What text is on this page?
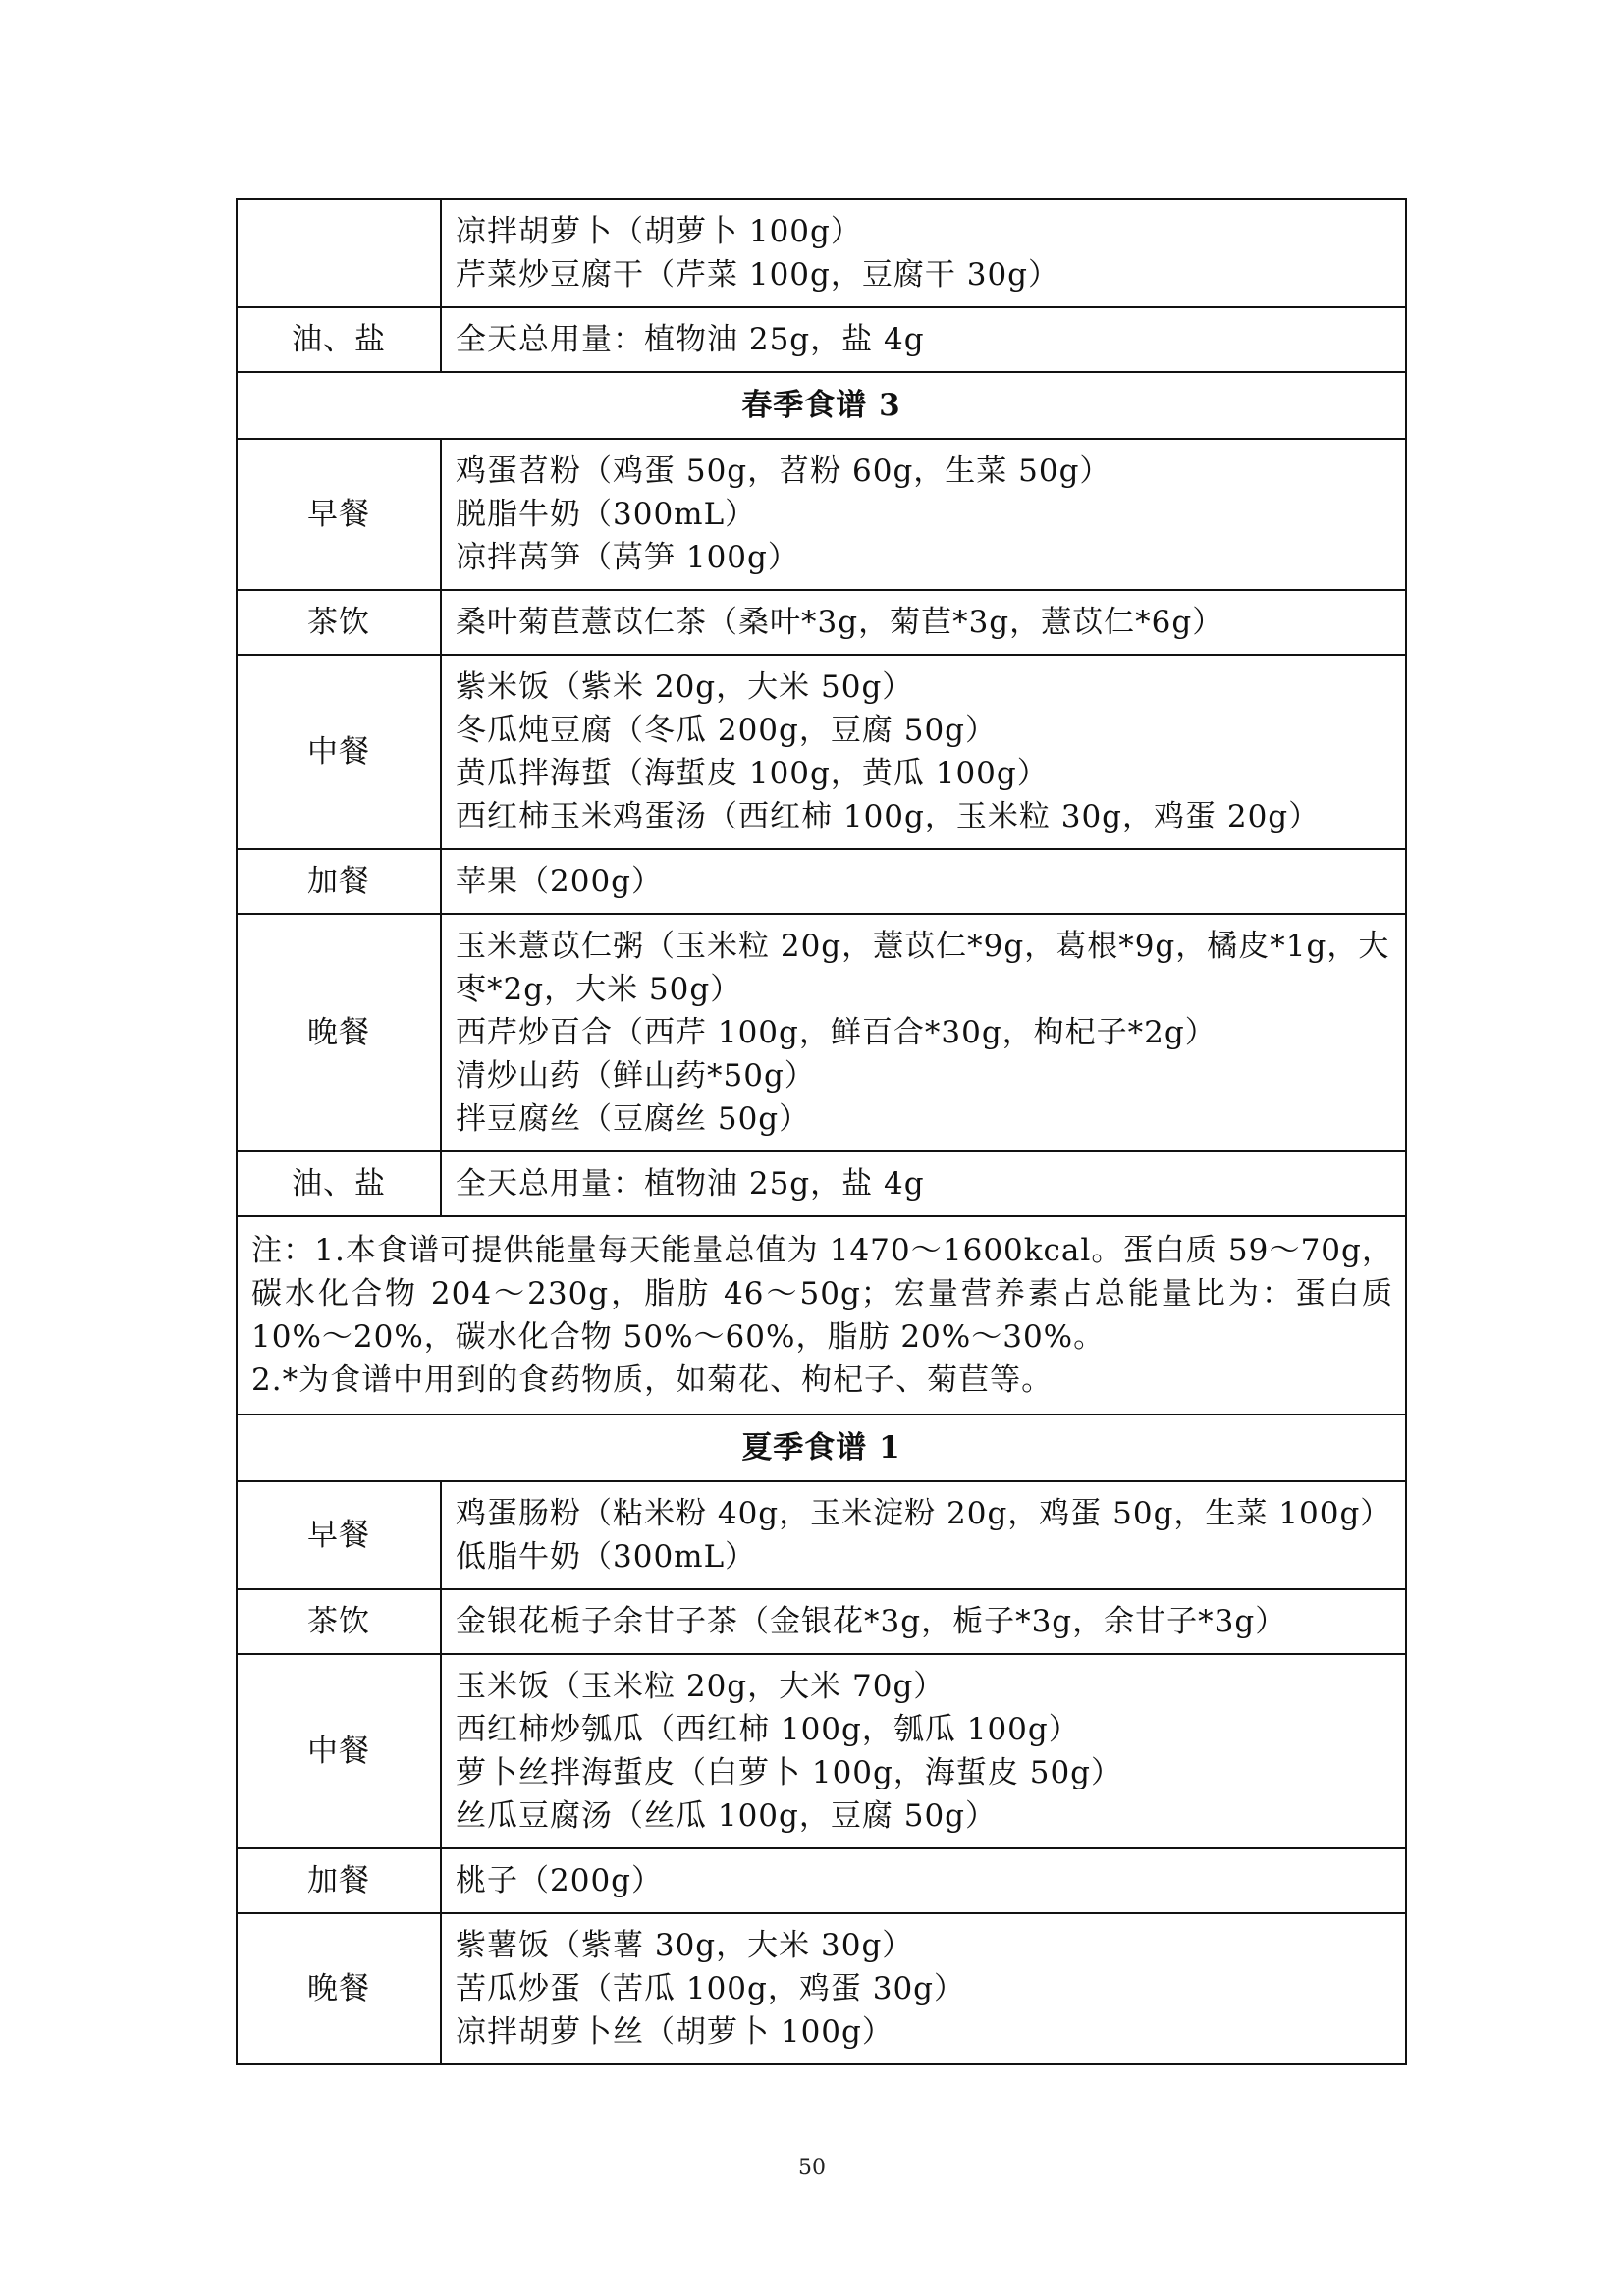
	凉拌胡萝卜（胡萝卜 100g）
芹菜炒豆腐干（芹菜 100g，豆腐干 30g）

油、盐	全天总用量：植物油 25g，盐 4g

春季食谱 3	
早餐	鸡蛋苕粉（鸡蛋 50g，苕粉 60g，生菜 50g）
脱脂牛奶（300mL）
凉拌莴笋（莴笋 100g）

茶饮	桑叶菊苣薏苡仁茶（桑叶*3g，菊苣*3g，薏苡仁*6g）

中餐	紫米饭（紫米 20g，大米 50g）
冬瓜炖豆腐（冬瓜 200g，豆腐 50g）
黄瓜拌海蜇（海蜇皮 100g，黄瓜 100g）
西红柿玉米鸡蛋汤（西红柿 100g，玉米粒 30g，鸡蛋 20g）

加餐	苹果（200g）

晚餐	玉米薏苡仁粥（玉米粒 20g，薏苡仁*9g，葛根*9g，橘皮*1g，大枣*2g，大米 50g）
西芹炒百合（西芹 100g，鲜百合*30g，枸杞子*2g）
清炒山药（鲜山药*50g）
拌豆腐丝（豆腐丝 50g）

油、盐	全天总用量：植物油 25g，盐 4g

注：1.本食谱可提供能量每天能量总值为 1470～1600kcal。蛋白质 59～70g，碳水化合物 204～230g，脂肪 46～50g；宏量营养素占总能量比为：蛋白质 10%～20%，碳水化合物 50%～60%，脂肪 20%～30%。
2.*为食谱中用到的食药物质，如菊花、枸杞子、菊苣等。	

夏季食谱 1	
早餐	鸡蛋肠粉（粘米粉 40g，玉米淀粉 20g，鸡蛋 50g，生菜 100g）
低脂牛奶（300mL）

茶饮	金银花栀子余甘子茶（金银花*3g，栀子*3g，余甘子*3g）

中餐	玉米饭（玉米粒 20g，大米 70g）
西红柿炒瓠瓜（西红柿 100g，瓠瓜 100g）
萝卜丝拌海蜇皮（白萝卜 100g，海蜇皮 50g）
丝瓜豆腐汤（丝瓜 100g，豆腐 50g）

加餐	桃子（200g）

晚餐	紫薯饭（紫薯 30g，大米 30g）
苦瓜炒蛋（苦瓜 100g，鸡蛋 30g）
凉拌胡萝卜丝（胡萝卜 100g）
50
